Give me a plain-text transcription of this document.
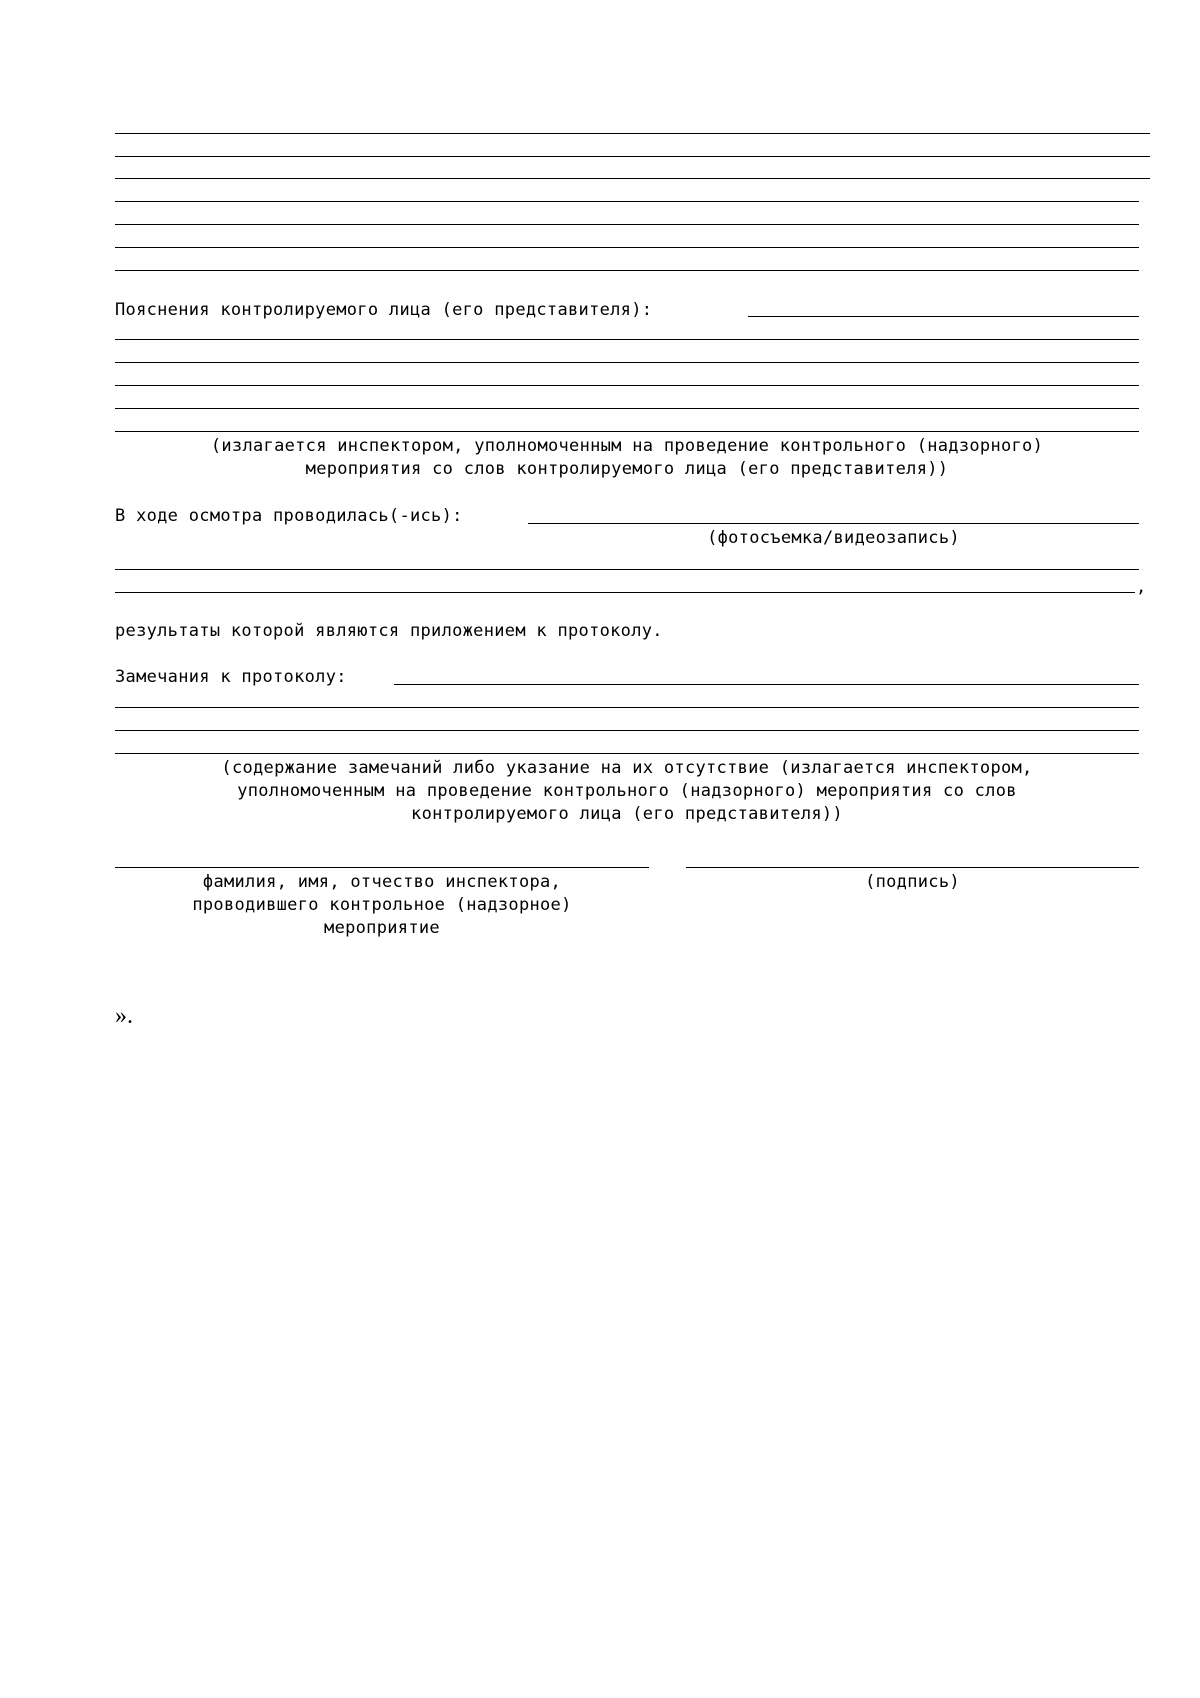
Пояснения контролируемого лица (его представителя):
(излагается инспектором, уполномоченным на проведение контрольного (надзорного)
мероприятия со слов контролируемого лица (его представителя))
В ходе осмотра проводилась(-ись):
(фотосъемка/видеозапись)
,
результаты которой являются приложением к протоколу.
Замечания к протоколу:
(содержание замечаний либо указание на их отсутствие (излагается инспектором,
уполномоченным на проведение контрольного (надзорного) мероприятия со слов
контролируемого лица (его представителя))
фамилия, имя, отчество инспектора,
проводившего контрольное (надзорное)
мероприятие
(подпись)
».
